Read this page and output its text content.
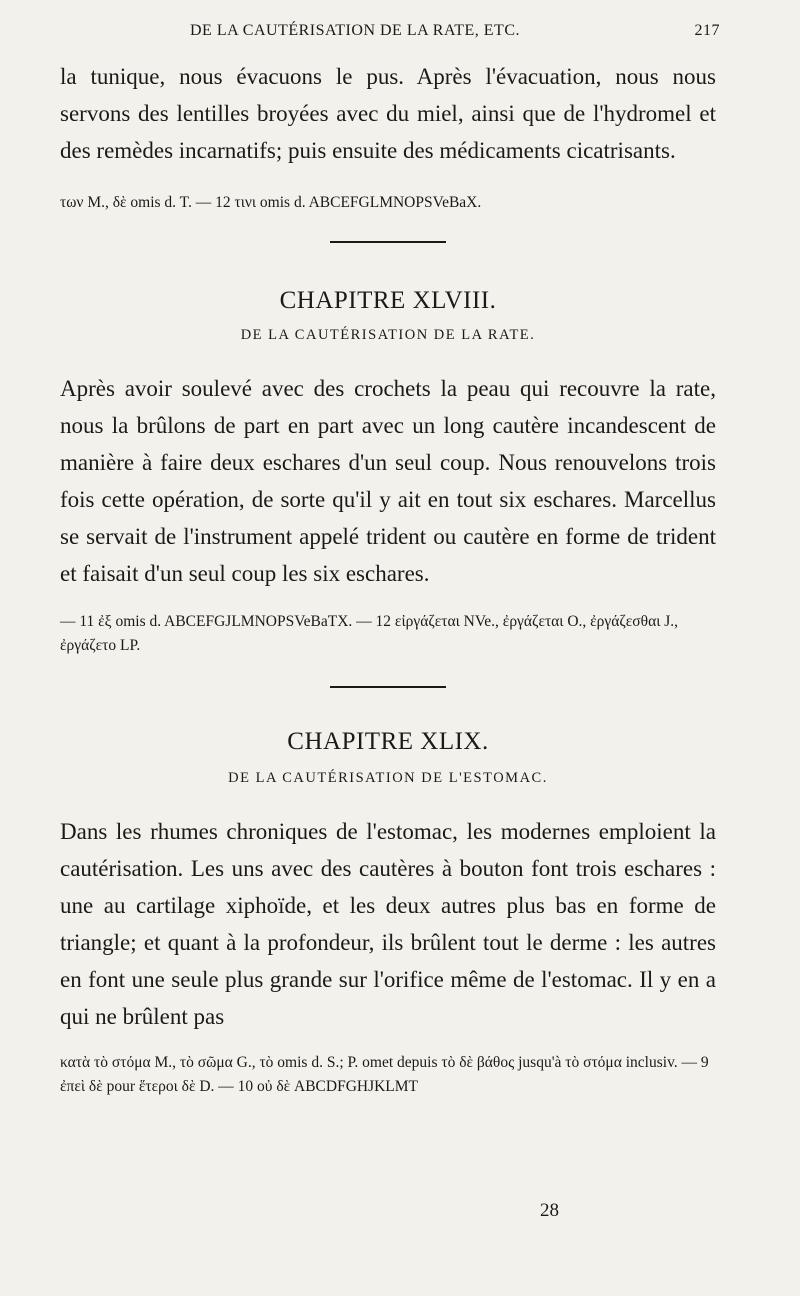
DE LA CAUTÉRISATION DE LA RATE, ETC.	217

la tunique, nous évacuons le pus. Après l'évacuation, nous nous servons des lentilles broyées avec du miel, ainsi que de l'hydromel et des remèdes incarnatifs; puis ensuite des médicaments cicatrisants.

των M., δὲ omis d. T. — 12 τινι omis d. ABCEFGLMNOPSVeBaX.

CHAPITRE XLVIII.
DE LA CAUTÉRISATION DE LA RATE.

Après avoir soulevé avec des crochets la peau qui recouvre la rate, nous la brûlons de part en part avec un long cautère incandescent de manière à faire deux eschares d'un seul coup. Nous renouvelons trois fois cette opération, de sorte qu'il y ait en tout six eschares. Marcellus se servait de l'instrument appelé trident ou cautère en forme de trident et faisait d'un seul coup les six eschares.

— 11 ἐξ omis d. ABCEFGJLMNOPSVeBaTX. — 12 εἰργάζεται NVe., ἐργάζεται O., ἐργάζεσθαι J., ἐργάζετο LP.

CHAPITRE XLIX.
DE LA CAUTÉRISATION DE L'ESTOMAC.

Dans les rhumes chroniques de l'estomac, les modernes emploient la cautérisation. Les uns avec des cautères à bouton font trois eschares : une au cartilage xiphoïde, et les deux autres plus bas en forme de triangle; et quant à la profondeur, ils brûlent tout le derme : les autres en font une seule plus grande sur l'orifice même de l'estomac. Il y en a qui ne brûlent pas

κατὰ τὸ στόμα M., τὸ σῶμα G., τὸ omis d. S.; P. omet depuis τὸ δὲ βάθος jusqu'à τὸ στόμα inclusiv. — 9 ἐπεὶ δὲ pour ἕτεροι δὲ D. — 10 οὐ δὲ ABCDFGHJKLMT

28
